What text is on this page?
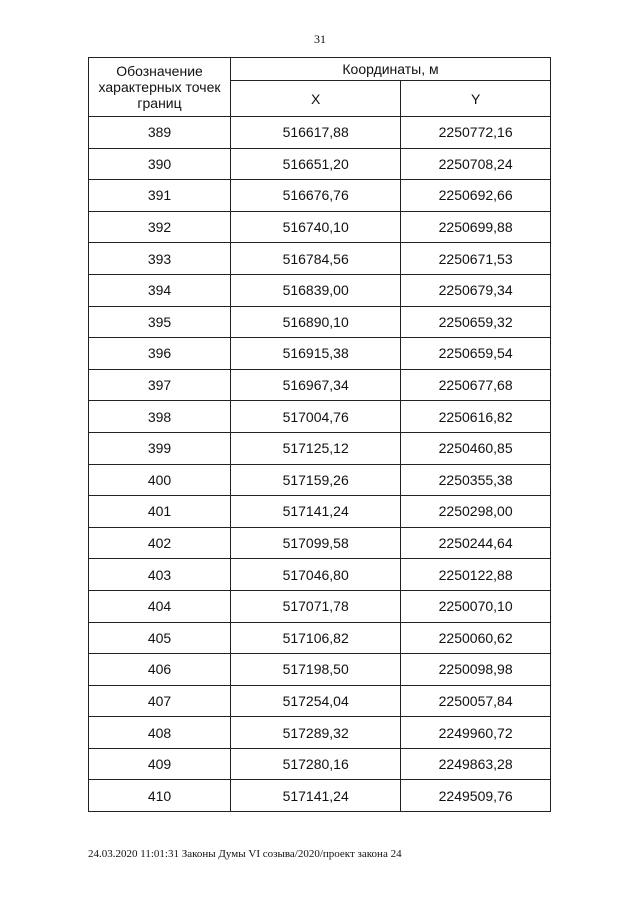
31
Обозначение характерных точек границ	Координаты, м	
	X	Y
389	516617,88	2250772,16
390	516651,20	2250708,24
391	516676,76	2250692,66
392	516740,10	2250699,88
393	516784,56	2250671,53
394	516839,00	2250679,34
395	516890,10	2250659,32
396	516915,38	2250659,54
397	516967,34	2250677,68
398	517004,76	2250616,82
399	517125,12	2250460,85
400	517159,26	2250355,38
401	517141,24	2250298,00
402	517099,58	2250244,64
403	517046,80	2250122,88
404	517071,78	2250070,10
405	517106,82	2250060,62
406	517198,50	2250098,98
407	517254,04	2250057,84
408	517289,32	2249960,72
409	517280,16	2249863,28
410	517141,24	2249509,76
24.03.2020 11:01:31 Законы Думы VI созыва/2020/проект закона 24
